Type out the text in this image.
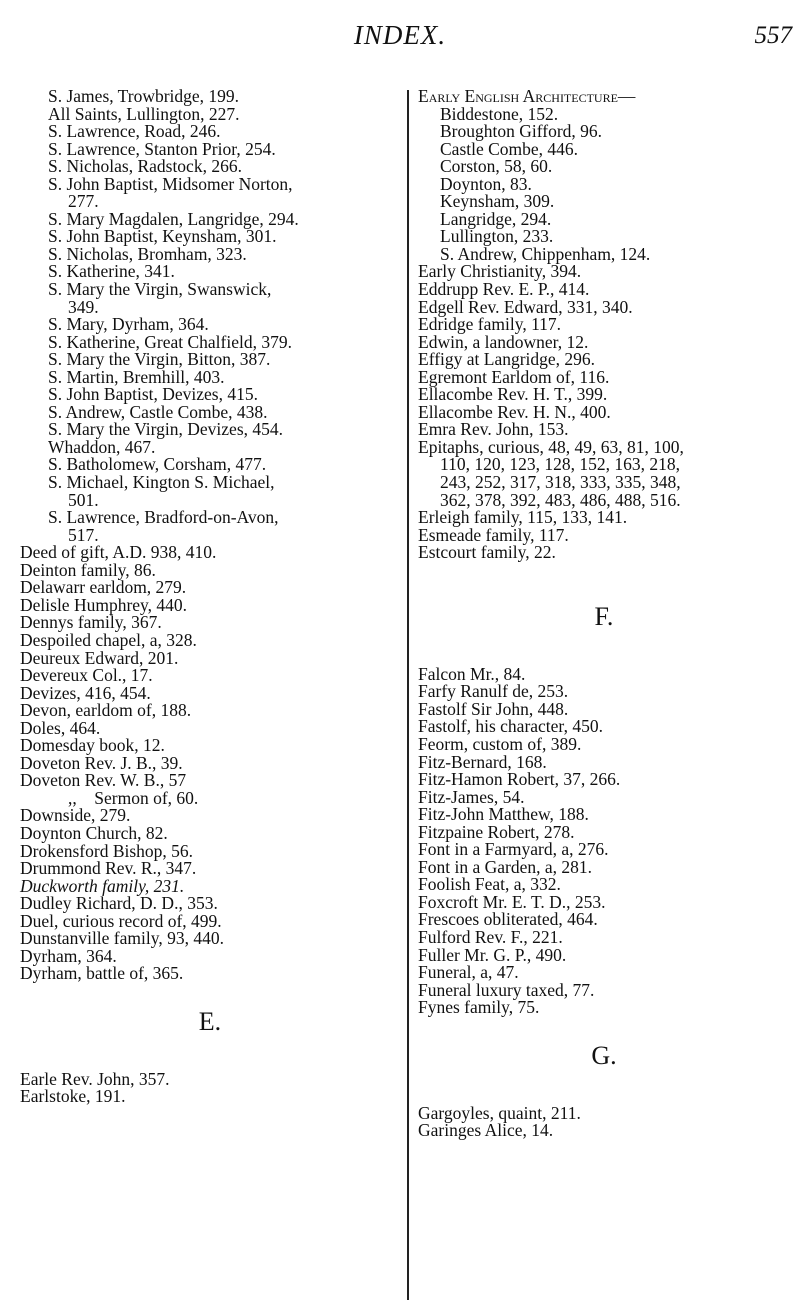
INDEX.	557
S. James, Trowbridge, 199.
All Saints, Lullington, 227.
S. Lawrence, Road, 246.
S. Lawrence, Stanton Prior, 254.
S. Nicholas, Radstock, 266.
S. John Baptist, Midsomer Norton,
277.
S. Mary Magdalen, Langridge, 294.
S. John Baptist, Keynsham, 301.
S. Nicholas, Bromham, 323.
S. Katherine, 341.
S. Mary the Virgin, Swanswick,
349.
S. Mary, Dyrham, 364.
S. Katherine, Great Chalfield, 379.
S. Mary the Virgin, Bitton, 387.
S. Martin, Bremhill, 403.
S. John Baptist, Devizes, 415.
S. Andrew, Castle Combe, 438.
S. Mary the Virgin, Devizes, 454.
Whaddon, 467.
S. Batholomew, Corsham, 477.
S. Michael, Kington S. Michael,
501.
S. Lawrence, Bradford-on-Avon,
517.
Deed of gift, A.D. 938, 410.
Deinton family, 86.
Delawarr earldom, 279.
Delisle Humphrey, 440.
Dennys family, 367.
Despoiled chapel, a, 328.
Deureux Edward, 201.
Devereux Col., 17.
Devizes, 416, 454.
Devon, earldom of, 188.
Doles, 464.
Domesday book, 12.
Doveton Rev. J. B., 39.
Doveton Rev. W. B., 57
,,    Sermon of, 60.
Downside, 279.
Doynton Church, 82.
Drokensford Bishop, 56.
Drummond Rev. R., 347.
Duckworth family, 231.
Dudley Richard, D. D., 353.
Duel, curious record of, 499.
Dunstanville family, 93, 440.
Dyrham, 364.
Dyrham, battle of, 365.
E.
Earle Rev. John, 357.
Earlstoke, 191.
Early English Architecture—
Biddestone, 152.
Broughton Gifford, 96.
Castle Combe, 446.
Corston, 58, 60.
Doynton, 83.
Keynsham, 309.
Langridge, 294.
Lullington, 233.
S. Andrew, Chippenham, 124.
Early Christianity, 394.
Eddrupp Rev. E. P., 414.
Edgell Rev. Edward, 331, 340.
Edridge family, 117.
Edwin, a landowner, 12.
Effigy at Langridge, 296.
Egremont Earldom of, 116.
Ellacombe Rev. H. T., 399.
Ellacombe Rev. H. N., 400.
Emra Rev. John, 153.
Epitaphs, curious, 48, 49, 63, 81, 100,
110, 120, 123, 128, 152, 163, 218,
243, 252, 317, 318, 333, 335, 348,
362, 378, 392, 483, 486, 488, 516.
Erleigh family, 115, 133, 141.
Esmeade family, 117.
Estcourt family, 22.
F.
Falcon Mr., 84.
Farfy Ranulf de, 253.
Fastolf Sir John, 448.
Fastolf, his character, 450.
Feorm, custom of, 389.
Fitz-Bernard, 168.
Fitz-Hamon Robert, 37, 266.
Fitz-James, 54.
Fitz-John Matthew, 188.
Fitzpaine Robert, 278.
Font in a Farmyard, a, 276.
Font in a Garden, a, 281.
Foolish Feat, a, 332.
Foxcroft Mr. E. T. D., 253.
Frescoes obliterated, 464.
Fulford Rev. F., 221.
Fuller Mr. G. P., 490.
Funeral, a, 47.
Funeral luxury taxed, 77.
Fynes family, 75.
G.
Gargoyles, quaint, 211.
Garinges Alice, 14.
